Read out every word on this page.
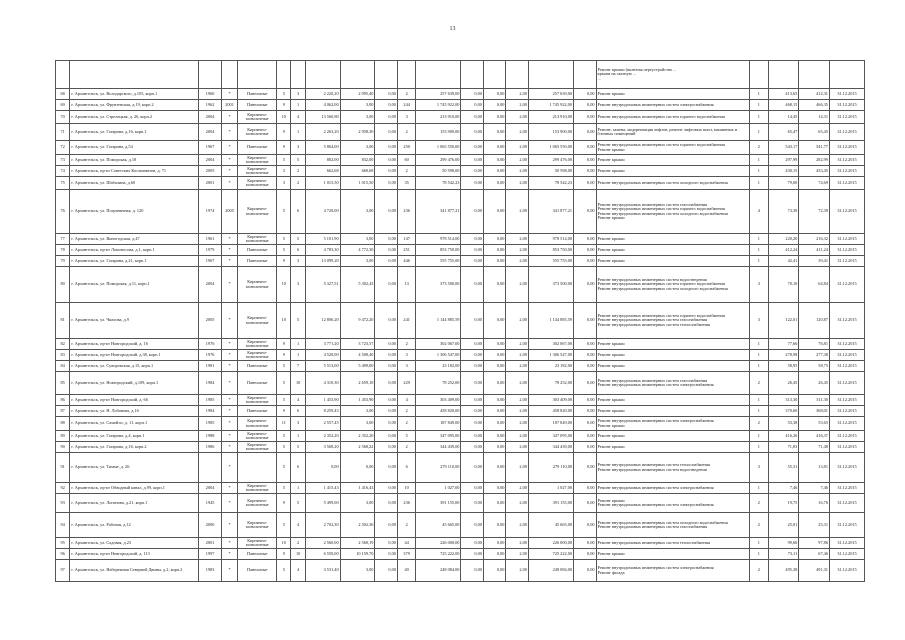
13
																	Ремонт крыши (включая переустройство ...
крыши на скатную ...
...				
68	г. Архангельск, ул. Володарского, д.105, корп.1	1960	*	Панельные	5	3	2 220,20	2 095,40	0,00	2	257 639,00	0,00	0,00	2,00	257 639,00	0,00	Ремонт крыши	1	413,65	412,31	31.12.2015
69	г. Архангельск, ул. Фрунзенская, д.19, корп.2	1962	2001	Панельные	9	1	4 062,00	3,00	0,00	244	1 745 922,00	0,00	0,00	2,00	1 745 922,00	0,00	Ремонт внутридомовых инженерных систем электроснабжения	1	468,15	466,35	31.12.2015
70	г. Архангельск, ул. Стрелецкая, д. 26, корп.2	2004	*	Кирпично-монолитные	10	4	13 560,80	3,00	0,00	3	213 910,00	0,00	0,00	2,00	213 910,00	0,00	Ремонт внутридомовых инженерных систем горячего водоснабжения	1	14,45	14,31	31.12.2015
71	г. Архангельск, ул. Гагарина, д.16, корп.1	2004	*	Кирпично-монолитные	9	1	2 263,20	2 058,30	0,00	2	153 900,00	0,00	0,00	2,00	153 900,00	0,00	Ремонт, замена, модернизация лифтов, ремонт лифтовых шахт, машинных и блочных помещений	1	65,47	65,45	31.12.2015
72	г. Архангельск, ул. Гагарина, д.54	1967	*	Панельные	9	3	5 864,00	3,00	0,00	250	1 065 550,00	0,00	0,00	2,00	1 065 550,00	0,00	Ремонт внутридомовых инженерных систем горячего водоснабжения
Ремонт крыши	2	543,17	541,77	31.12.2015
73	г. Архангельск, ул. Поморская, д.18	2004	*	Кирпично-монолитные	5	5	882,00	832,00	0,00	60	299 476,00	0,00	0,00	2,00	299 476,00	0,00	Ремонт крыши	1	297,99	282,99	31.12.2015
74	г. Архангельск, пр-кт Советских Космонавтов, д. 71	2005	*	Кирпично-монолитные	3	2	662,68	660,68	0,00	2	50 598,00	0,00	0,00	2,00	50 598,00	0,00	Ремонт крыши	1	430,15	433,45	31.12.2015
75	г. Архангельск, ул. Шабалина, д.60	2001	*	Кирпично-монолитные	3	2	1 015,50	1 015,50	0,00	35	78 542,23	0,00	0,00	2,00	78 542,23	0,00	Ремонт внутридомовых инженерных систем холодного водоснабжения	1	79,00	74,69	31.12.2015
76	г. Архангельск, ул. Пограничная, д. 120	1974	2005	Кирпично-монолитные	5	6	4 720,00	3,00	0,00	236	341 877,21	0,00	0,00	2,00	341 877,21	0,00	Ремонт внутридомовых инженерных систем газоснабжения
Ремонт внутридомовых инженерных систем горячего водоснабжения
Ремонт внутридомовых инженерных систем холодного водоснабжения
Ремонт крыши	4	73,39	72,39	31.12.2015
77	г. Архангельск, ул. Вычегодская, д.47	1961	*	Кирпично-монолитные	5	5	5 101,90	3,00	0,00	147	978 514,00	0,00	0,00	2,00	978 514,00	0,00	Ремонт крыши	1	220,20	216,32	31.12.2015
78	г. Архангельск, пр-кт Ломоносова, д.1, корп.1	1979	*	Панельные	5	6	4 783,30	4 772,30	0,00	251	853 750,00	0,00	0,00	2,00	853 750,00	0,00	Ремонт крыши	1	412,24	411,24	31.12.2015
79	г. Архангельск, ул. Гагарина, д.21, корп.1	1967	*	Панельные	9	3	13 099,20	3,00	0,00	446	555 755,00	0,00	0,00	2,00	555 755,00	0,00	Ремонт крыши	1	42,41	39,41	31.12.2015
80	г. Архангельск, ул. Поморская, д.11, корп.1	2004	*	Кирпично-монолитные	10	3	5 327,51	5 302,43	0,00	13	373 500,00	0,00	0,00	2,00	373 500,00	0,00	Ремонт внутридомовых инженерных систем водоотведения
Ремонт внутридомовых инженерных систем горячего водоснабжения
Ремонт внутридомовых инженерных систем холодного водоснабжения	3	70,10	64,84	31.12.2015
81	г. Архангельск, ул. Чкалова, д.9	2005	*	Кирпично-монолитные	10	5	12 806,20	9 472,20	0,00	241	1 144 885,59	0,00	0,00	2,00	1 144 885,59	0,00	Ремонт внутридомовых инженерных систем горячего водоснабжения
Ремонт внутридомовых инженерных систем газоснабжения
Ремонт внутридомовых инженерных систем теплоснабжения	3	122,01	120,87	31.12.2015
82	г. Архангельск, пр-кт Новгородский, д. 16	1976	*	Кирпично-монолитные	9	1	3 771,20	3 723,57	0,00	2	302 067,00	0,00	0,00	2,00	302 067,00	0,00	Ремонт крыши	1	77,66	76,81	31.12.2015
83	г. Архангельск, пр-кт Новгородский, д.38, корп.1	1976	*	Кирпично-монолитные	9	1	4 520,00	4 508,40	0,00	3	1 306 547,00	0,00	0,00	2,00	1 306 547,00	0,00	Ремонт крыши	1	278,98	277,38	31.12.2015
84	г. Архангельск, ул. Суворовская, д.15, корп.1	1981	*	Панельные	5	7	5 513,00	5 499,00	0,00	3	23 182,00	0,00	0,00	2,00	23 182,00	0,00	Ремонт крыши	1	58,95	58,75	31.12.2015
85	г. Архангельск, ул. Новгородский, д.109, корп.1	1984	*	Панельные	5	10	4 310,30	2 659,10	0,00	229	78 252,00	0,00	0,00	2,00	78 252,00	0,00	Ремонт внутридомовых инженерных систем газоснабжения
Ремонт внутридомовых инженерных систем электроснабжения	2	26,45	26,45	31.12.2015
86	г. Архангельск, пр-кт Новгородский, д. 66	1985	*	Кирпично-монолитные	5	4	1 453,90	1 453,90	0,00	4	303 409,00	0,00	0,00	2,00	303 409,00	0,00	Ремонт крыши	1	313,30	311,30	31.12.2015
87	г. Архангельск, ул. Н. Лобанова, д.16	1984	*	Панельные	9	6	8 259,43	3,00	0,00	2	458 820,00	0,00	0,00	2,00	458 820,00	0,00	Ремонт крыши	1	370,60	368,01	31.12.2015
88	г. Архангельск, ул. Самойло, д. 11, корп.1	1985	*	Кирпично-монолитные	11	3	2 557,45	3,00	0,00	2	187 849,00	0,00	0,00	2,00	187 849,00	0,00	Ремонт внутридомовых инженерных систем электроснабжения
Ремонт крыши	2	53,38	53,65	31.12.2015
89	г. Архангельск, ул. Гагарина, д.4, корп.1	1988	*	Кирпично-монолитные	5	1	2 352,20	2 352,20	0,00	5	347 095,00	0,00	0,00	2,00	347 095,00	0,00	Ремонт крыши	1	416,26	416,37	31.12.2015
90	г. Архангельск, ул. Гагарина, д.16, корп.2	1986	*	Кирпично-монолитные	5	5	3 568,20	2 568,22	0,00	2	344 439,00	0,00	0,00	2,00	344 439,00	0,00	Ремонт крыши	1	71,83	71,48	31.12.2015
91	г. Архангельск, ул. Тимме, д. 26		*		5	6	0,00	0,00	0,00	6	279 110,00	0,00	0,00	2,00	279 110,00	0,00	Ремонт внутридомовых инженерных систем теплоснабжения
Ремонт внутридомовых инженерных систем водоотведения	3	55,31	13,81	31.12.2015
92	г. Архангельск, пр-кт Обводный канал, д.99, корп.1	2004	*	Кирпично-монолитные	5	1	1 415,43	1 416,43	0,00	10	1 027,00	0,00	0,00	2,00	1 027,00	0,00	Ремонт внутридомовых инженерных систем электроснабжения	1	7,46	7,46	31.12.2015
93	г. Архангельск, ул. Логинова, д.21, корп.1	1945	*	Кирпично-монолитные	9	5	5 499,00	3,00	0,00	236	391 155,00	0,00	0,00	2,00	391 155,00	0,00	Ремонт крыши
Ремонт внутридомовых инженерных систем электроснабжения	2	19,75	16,76	31.12.2015
94	г. Архангельск, ул. Рабочая, д.12	2000	*	Кирпично-монолитные	5	4	2 702,30	2 502,30	0,00	2	45 665,00	0,00	0,00	2,00	45 665,00	0,00	Ремонт внутридомовых инженерных систем холодного водоснабжения
Ремонт внутридомовых инженерных систем газоснабжения	2	25,81	25,31	31.12.2015
95	г. Архангельск, ул. Садовая, д.23	2001	*	Кирпично-монолитные	10	2	2 560,00	2 560,19	0,00	44	226 000,00	0,00	0,00	2,00	226 000,00	0,00	Ремонт внутридомовых инженерных систем теплоснабжения	1	99,66	97,86	31.12.2015
96	г. Архангельск, пр-кт Новгородский, д. 113	1997	*	Панельные	9	10	6 550,00	10 159,70	0,00	379	725 222,00	0,00	0,00	2,00	725 222,00	0,00	Ремонт крыши	1	73,11	67,46	31.12.2015
97	г. Архангельск, ул. Набережная Северной Двины, д.2, корп.2	1983	*	Панельные	5	4	3 531,40	3,00	0,00	40	248 084,00	0,00	0,00	2,00	248 084,00	0,00	Ремонт внутридомовых инженерных систем электроснабжения
Ремонт фасада	2	495,38	491,31	31.12.2015
